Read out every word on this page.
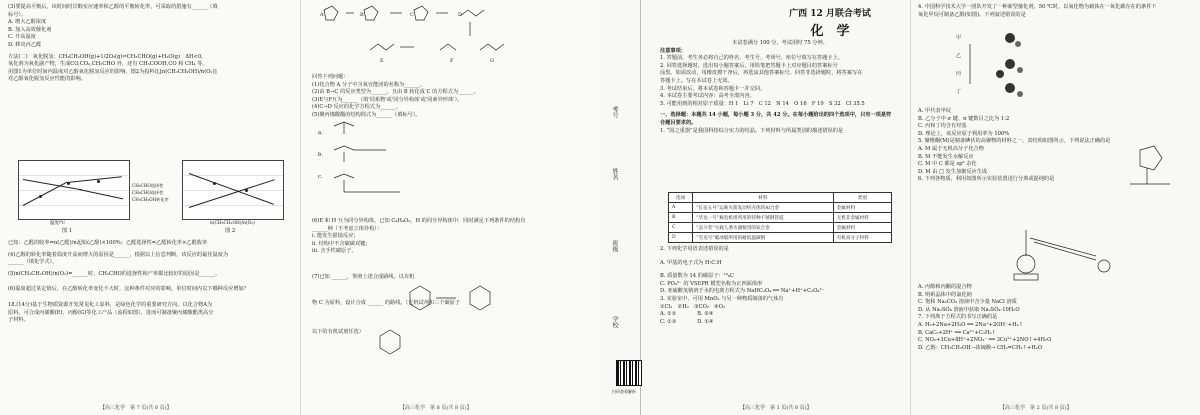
(3)要提高平衡后，该时间时甘醇实应速率和乙醇的平衡转化率，可采取的措施有______（填

标号）。

A. 增大乙醇浓度

B. 加入高效催化剂

C. 升高温度

D. 移出丙乙醛

方法(二)　氧化脱氢：CH₃CH₂OH(g)+1/2O₂(g)⇌CH₃CHO(g)+H₂O(g)　ΔH<0。

氧化剂为氧化副产物，生成CO,CO₂,CH₃CHO 外，还有 CH₃COOH,CO 和 CH₄ 等。

用图1为单位时间内温度对乙醇氧化脱氢反应的影响，图2为投料比[n(CH₃CH₂OH)/n(O₂)]

对乙醇氧化脱氢反应性能的影响。

CH₃CHO选择性

CH₃CHO选择性

CH₃CH₂OH转化率

温度/℃

图 1

n(CH₃CH₂OH)/n(O₂)

图 2

已知：乙醛的收率=n(乙醛)/n起始(乙醇)×100%；乙醛选择性=乙醛转化率×乙醛收率

(4)乙醇的转化率随着温度升高而增大的原因是______，根据以上信息判断，该反应的最佳温度为

______（填化学式）。

(5)n(CH₃CH₂OH)/n(O₂)=______时，CH₃CHO的选择性和产率都比较好的原因是______。

(6)温度超过某定值后，在乙醇转化率变化不大时，这种条件对应的影响，单位时间内以下哪种反应增加？

18.(14分)基于生物质资源开发常见化工原料，是绿色化学的重要研究方向。以化合物A为

原料，可合成丙烯酸(E)，丙醇(G)等化工产品（流程如图），进而可制备聚丙烯酸酯类高分

子材料。

【高三化学　第 7 页(共 8 页)】
A	B	C	D
E	F	G

回答下列问题：

(1)化合物 A 分子中含氧官能团的名称为______。

(2)由 B→C 的反应类型为______，且由 B 转化成 C 的方程式为______。

(3)E与F互为______（填'同系物'或'同分异构体'或'同素异形体'）。

(4)C→D 反应的化学方程式为______。

(5)聚丙烯酸酯的结构简式为______（填标号）。

a.

b.

c.

(6)E 和 H 互为同分异构体，已知 C₄H₄O₂，H 的同分异构体中，同时满足下列条件的结构有

______种（不考虑立体异构）：

ⅰ. 能发生银镜反应；

ⅱ. 结构中不含碳碳双键；

ⅲ. 含手性碳原子。

(7)已知 ______，参照上述合成路线，以有机

物 C 为原料，设计合成 ______ 的路线。（无机试剂和三个碳原子

以下的有机试剂任选）

【高三化学　第 8 页(共 8 页)】
考号
姓名
班级
学校
广西 12 月联合考试
化　学

本试卷满分 100 分，考试用时 75 分钟。

注意事项：

1. 答题前，考生务必将自己的姓名、考生号、考场号、座位号填写在答题卡上。

2. 回答选择题时，选出每小题答案后，用铅笔把答题卡上对应题目的答案标号

涂黑。如需改动，用橡皮擦干净后，再选涂其他答案标号。回答非选择题时，将答案写在

答题卡上。写在本试卷上无效。

3. 考试结束后，将本试卷和答题卡一并交回。

4. 本试卷主要考试内容：高考全部内容。

5. 可能用到的相对原子质量：H 1　Li 7　C 12　N 14　O 16　F 19　S 32　Cl 35.5

一、选择题：本题共 14 小题，每小题 3 分，共 42 分。在每小题给出的四个选项中，只有一项是符

合题目要求的。

1. “国之重器”是我国科技综合实力的结晶。下列材料与所属类别的描述错误的是

选项	材料	类别
A	“长征五号”运载火箭发动机壳体的Al合金	金属材料
B	“华龙一号”核电机组所用的特种不锈钢管道	无机非金属材料
C	“奋斗者”号载人潜水器使用的钛合金	金属材料
D	“雪龙号”破冰船所用的耐低温碳钢	有机高分子材料

2. 下列化学用语表述错误的是

A. 甲基的电子式为 H:C:H

B. 质量数为 14 的碳原子：¹⁴₆C

C. PO₄³⁻ 的 VSEPR 模型名称为正四面体形

D. 亚硫酸氢钠溶于水的电离方程式为 NaHC₂O₄ ══ Na⁺+H⁺+C₂O₄²⁻

3. 实验室中，可用 MnO₂ 与另一种物质制备的气体有

①Cl₂　②H₂　③CO₂　④O₂

A. ①②　　　　B. ②④

C. ①③　　　　D. ①④

扫码查看解析

【高三化学　第 1 页(共 8 页)】

4. 中国科学技术大学一团队开发了一种新型催化剂，50 ℃时，以氧化物为载体在一氧化碳存在的条件下

氧化甲烷可制备乙醇(如图)。下列叙述错误的是

甲
乙
丙
丁

A. 甲代表甲烷

B. 乙分子中 σ 键、π 键数目之比为 1:2

C. 丙和丁均含有羟基

D. 理论上，该反应原子利用率为 100%

5. 聚维酮(M)是制备碘伏的高聚物的材料之一，其结构如图所示。下列说法正确的是

A. M 属于无机高分子化合物

B. M 不能发生水解反应

C. M 中 C 都是 sp³ 杂化

D. M 由 □ 发生加聚反应生成

6. 下列各物质，利用如图所示实验装置进行分离或提纯的是

A. 丙醇和丙酮的混合物

B. 明矾晶体中的氯化钠

C. 饱和 Na₂CO₃ 溶液中含少量 NaCl 溶质

D. 从 Na₂SO₄ 溶液中获取 Na₂SO₄·10H₂O

7. 下列离子方程式的书写正确的是

A. H₂+2Na+2H₂O ══ 2Na⁺+2OH⁻+H₂↑

B. CaC₂+2H⁺ ══ Ca²⁺+C₂H₂↑

C. NO₂+3Cu+8H⁺+2NO₃⁻ ══ 3Cu²⁺+2NO↑+4H₂O

D. 乙醇：CH₃CH₂OH ─浓硫酸→ CH₂=CH₂↑+H₂O

【高三化学　第 2 页(共 8 页)】
